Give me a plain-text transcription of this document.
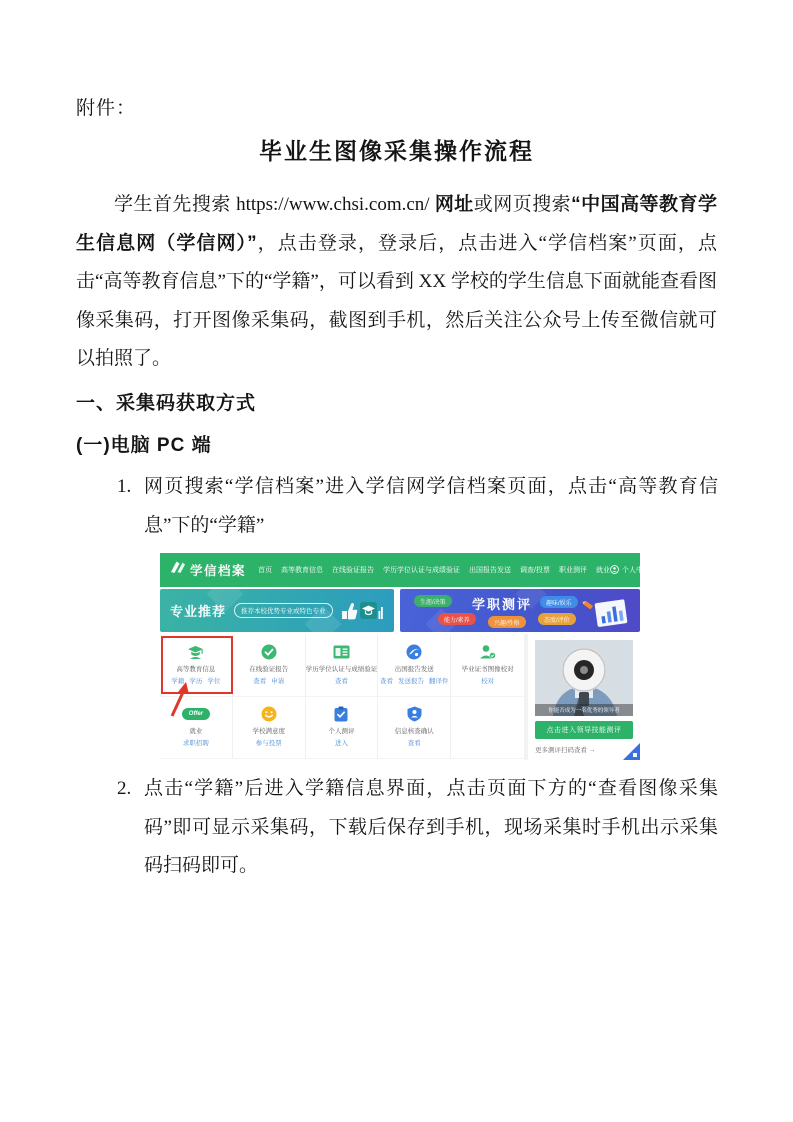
附件：
毕业生图像采集操作流程

学生首先搜索 https://www.chsi.com.cn/ 网址或网页搜索“中国高等教育学生信息网（学信网）”，点击登录，登录后，点击进入“学信档案”页面，点击“高等教育信息”下的“学籍”，可以看到 XX 学校的学生信息下面就能查看图像采集码，打开图像采集码，截图到手机，然后关注公众号上传至微信就可以拍照了。

一、采集码获取方式
(一)电脑 PC 端
1. 网页搜索“学信档案”进入学信网学信档案页面，点击“高等教育信息”下的“学籍”
学信档案 首页 高等教育信息 在线验证报告 学历学位认证与成绩验证 出国报告发送 调查/投票 职业测评 就业 个人中心
专业推荐	推荐本校优势专业或特色专业	学职测评
生涯/决策	趣味/娱乐
能力/素养	兴趣/性格	态度/评价
高等教育信息
学籍 学历 学位
在线验证报告
查看 申请
学历学位认证与成绩验证
查看
出国报告发送
查看 发送报告 翻译件
毕业证书图像校对
校对
Offer
就业
求职招聘
学校满意度
参与投票
个人测评
进入
信息核查确认
查看
你能否成为一名优秀的领导者
点击进入领导技能测评
更多测评扫码查看 →
2. 点击“学籍”后进入学籍信息界面，点击页面下方的“查看图像采集码”即可显示采集码，下载后保存到手机，现场采集时手机出示采集码扫码即可。
